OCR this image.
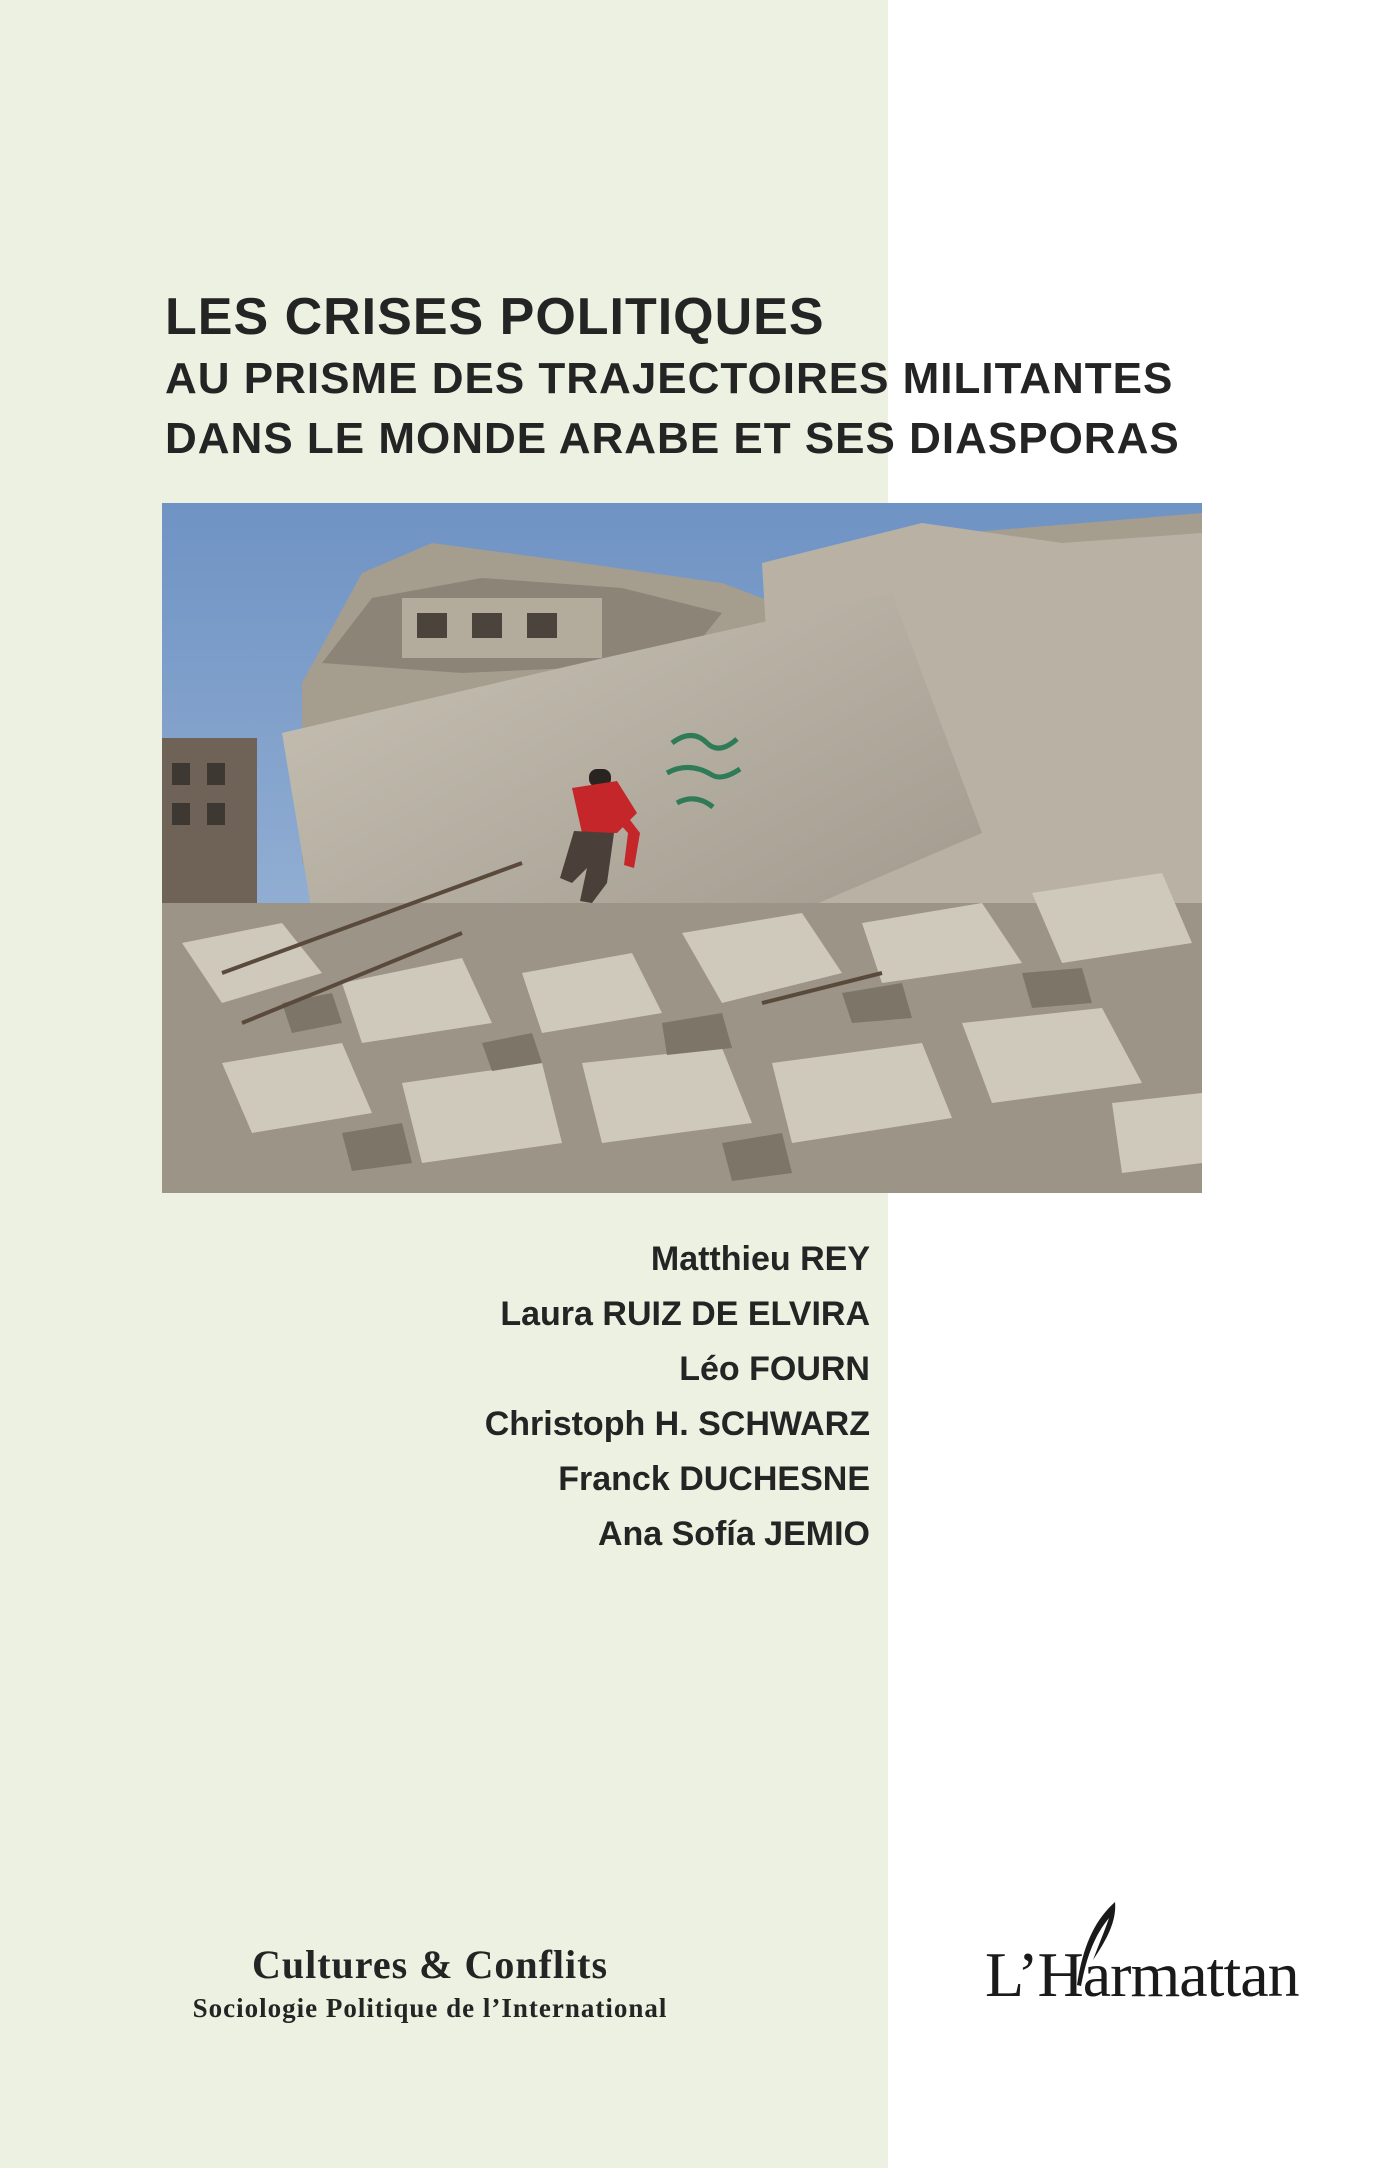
LES CRISES POLITIQUES
AU PRISME DES TRAJECTOIRES MILITANTES
DANS LE MONDE ARABE ET SES DIASPORAS
Matthieu REY
Laura RUIZ DE ELVIRA
Léo FOURN
Christoph H. SCHWARZ
Franck DUCHESNE
Ana Sofía JEMIO
Cultures & Conflits
Sociologie Politique de l’International	L’Harmattan
